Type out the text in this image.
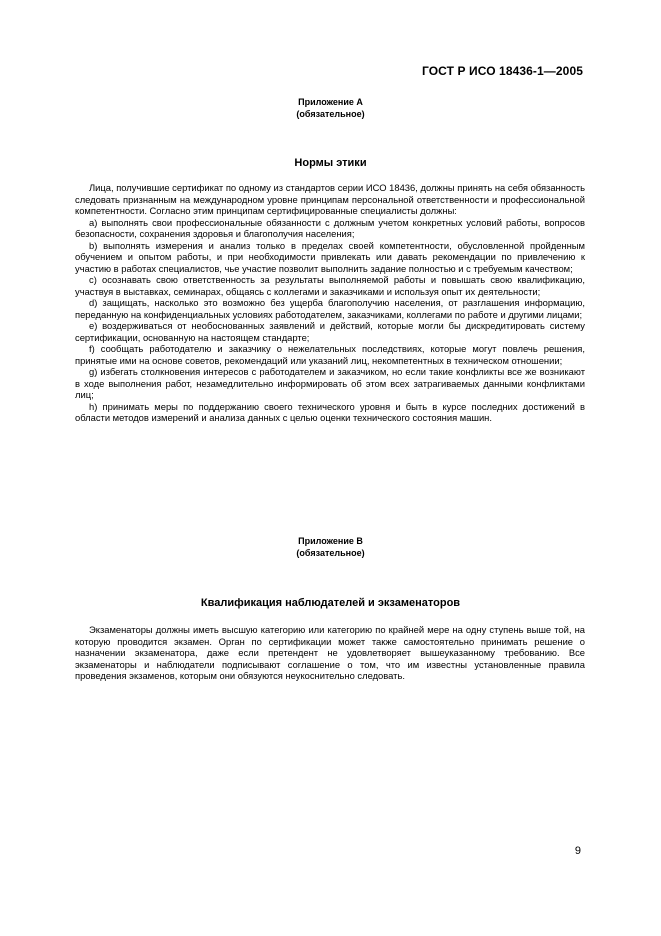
ГОСТ Р ИСО 18436-1—2005
Приложение А
(обязательное)
Нормы этики

Лица, получившие сертификат по одному из стандартов серии ИСО 18436, должны принять на себя обязанность следовать признанным на международном уровне принципам персональной ответственности и профессиональной компетентности. Согласно этим принципам сертифицированные специалисты должны:

a) выполнять свои профессиональные обязанности с должным учетом конкретных условий работы, вопросов безопасности, сохранения здоровья и благополучия населения;

b) выполнять измерения и анализ только в пределах своей компетентности, обусловленной пройденным обучением и опытом работы, и при необходимости привлекать или давать рекомендации по привлечению к участию в работах специалистов, чье участие позволит выполнить задание полностью и с требуемым качеством;

c) осознавать свою ответственность за результаты выполняемой работы и повышать свою квалификацию, участвуя в выставках, семинарах, общаясь с коллегами и заказчиками и используя опыт их деятельности;

d) защищать, насколько это возможно без ущерба благополучию населения, от разглашения информацию, переданную на конфиденциальных условиях работодателем, заказчиками, коллегами по работе и другими лицами;

e) воздерживаться от необоснованных заявлений и действий, которые могли бы дискредитировать систему сертификации, основанную на настоящем стандарте;

f) сообщать работодателю и заказчику о нежелательных последствиях, которые могут повлечь решения, принятые ими на основе советов, рекомендаций или указаний лиц, некомпетентных в техническом отношении;

g) избегать столкновения интересов с работодателем и заказчиком, но если такие конфликты все же возникают в ходе выполнения работ, незамедлительно информировать об этом всех затрагиваемых данными конфликтами лиц;

h) принимать меры по поддержанию своего технического уровня и быть в курсе последних достижений в области методов измерений и анализа данных с целью оценки технического состояния машин.

Приложение В
(обязательное)
Квалификация наблюдателей и экзаменаторов

Экзаменаторы должны иметь высшую категорию или категорию по крайней мере на одну ступень выше той, на которую проводится экзамен. Орган по сертификации может также самостоятельно принимать решение о назначении экзаменатора, даже если претендент не удовлетворяет вышеуказанному требованию. Все экзаменаторы и наблюдатели подписывают соглашение о том, что им известны установленные правила проведения экзаменов, которым они обязуются неукоснительно следовать.

9
